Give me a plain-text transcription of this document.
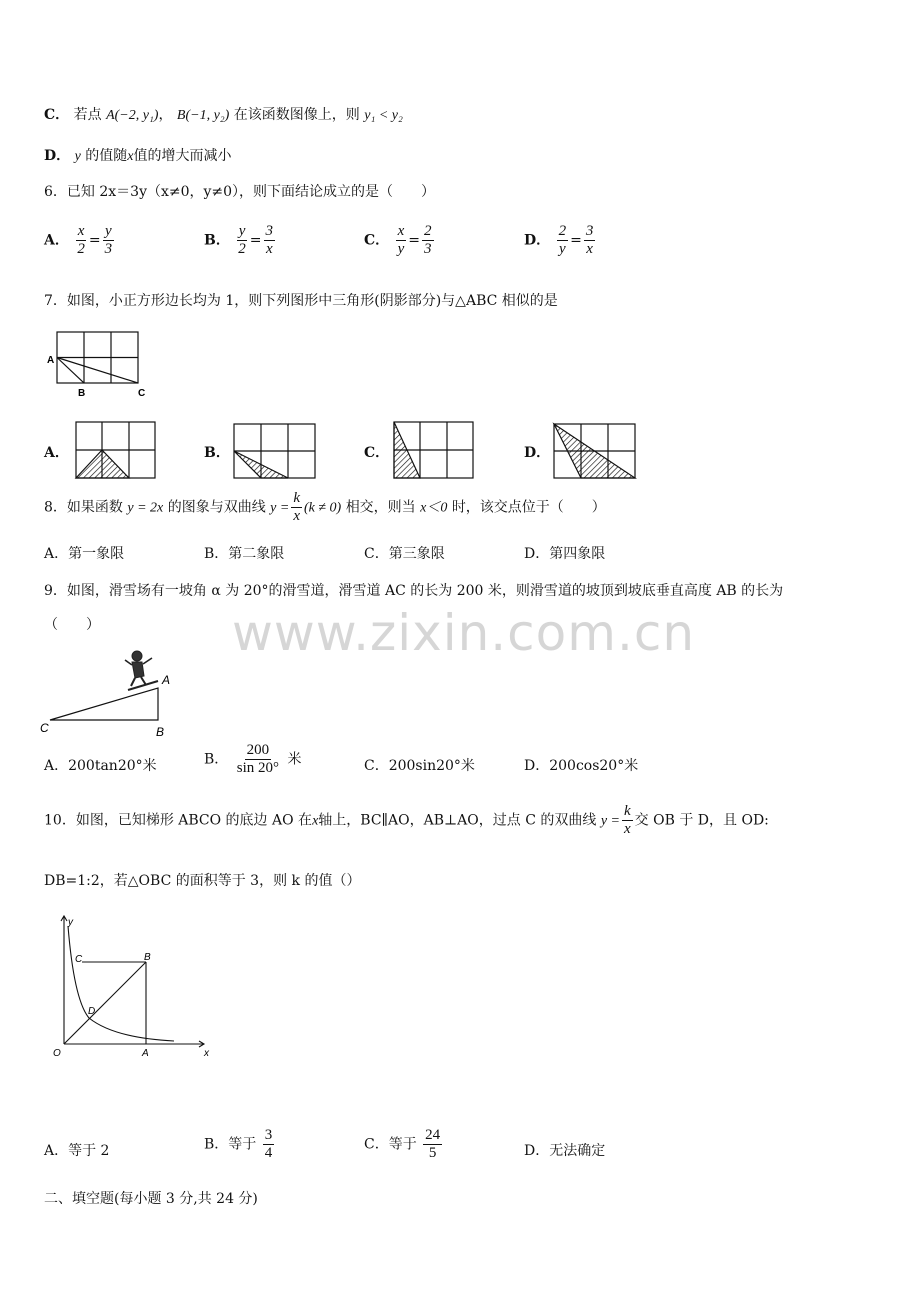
www.zixin.com.cn
C． 若点 A(−2, y₁)， B(−1, y₂) 在该函数图像上，则 y₁ < y₂
D． y 的值随x值的增大而减小
6．已知 2x＝3y（x≠0，y≠0），则下面结论成立的是（　　）
A． $\frac{x}{2} = \frac{y}{3}$	B． $\frac{y}{2} = \frac{3}{x}$	C． $\frac{x}{y} = \frac{2}{3}$	D． $\frac{2}{y} = \frac{3}{x}$
7．如图，小正方形边长均为 1，则下列图形中三角形(阴影部分)与△ABC 相似的是
A
B	C
A．	B．	C．	D．
8．如果函数 y = 2x 的图象与双曲线 $y = \frac{k}{x} (k \ne 0)$ 相交，则当 x＜0 时，该交点位于（　　）
A．第一象限	B．第二象限	C．第三象限	D．第四象限
9．如图，滑雪场有一坡角 α 为 20°的滑雪道，滑雪道 AC 的长为 200 米，则滑雪道的坡顶到坡底垂直高度 AB 的长为
（　　）
A
B
C
A．200tan20°米	B． $\frac{200}{\sin 20^\circ}$ 米	C．200sin20°米	D．200cos20°米
10．如图，已知梯形 ABCO 的底边 AO 在x轴上，BC∥AO，AB⊥AO，过点 C 的双曲线 $y = \frac{k}{x}$ 交 OB 于 D，且 OD:
DB=1:2，若△OBC 的面积等于 3，则 k 的值（）
y
x
O	A
B
C
D
A．等于 2	B．等于 $\frac{3}{4}$	C．等于 $\frac{24}{5}$	D．无法确定
二、填空题(每小题 3 分,共 24 分)
